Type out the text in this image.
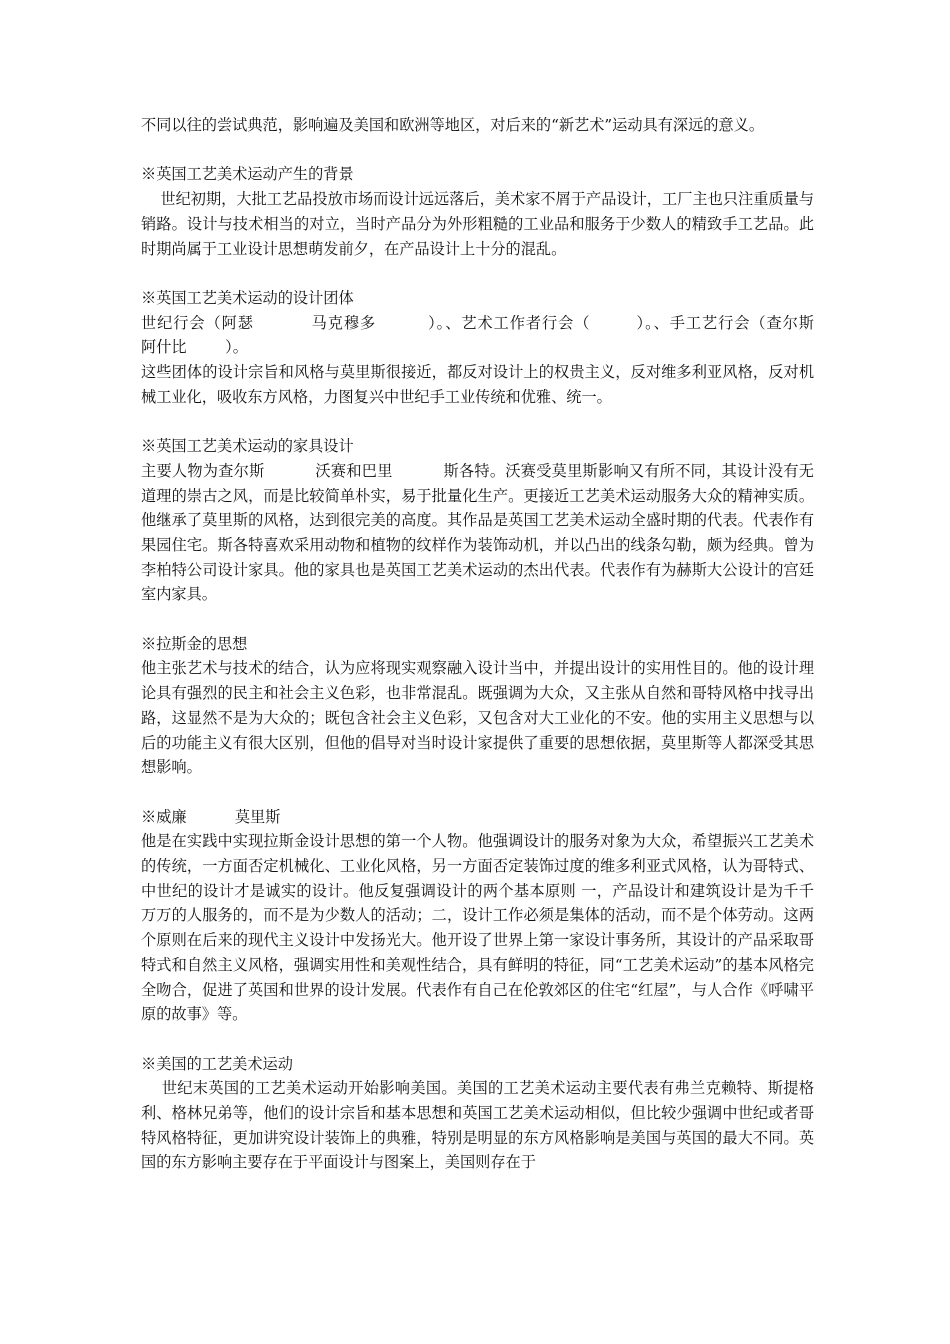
不同以往的尝试典范，影响遍及美国和欧洲等地区，对后来的“新艺术”运动具有深远的意义。

※英国工艺美术运动产生的背景

世纪初期，大批工艺品投放市场而设计远远落后，美术家不屑于产品设计，工厂主也只注重质量与销路。设计与技术相当的对立，当时产品分为外形粗糙的工业品和服务于少数人的精致手工艺品。此时期尚属于工业设计思想萌发前夕，在产品设计上十分的混乱。

※英国工艺美术运动的设计团体

世纪行会（阿瑟          马克穆多         ）。、艺术工作者行会（        ）。、手工艺行会（查尔斯          阿什比        ）。

这些团体的设计宗旨和风格与莫里斯很接近，都反对设计上的权贵主义，反对维多利亚风格，反对机械工业化，吸收东方风格，力图复兴中世纪手工业传统和优雅、统一。

※英国工艺美术运动的家具设计

主要人物为查尔斯          沃赛和巴里          斯各特。沃赛受莫里斯影响又有所不同，其设计没有无道理的崇古之风，而是比较简单朴实，易于批量化生产。更接近工艺美术运动服务大众的精神实质。他继承了莫里斯的风格，达到很完美的高度。其作品是英国工艺美术运动全盛时期的代表。代表作有果园住宅。斯各特喜欢采用动物和植物的纹样作为装饰动机，并以凸出的线条勾勒，颇为经典。曾为李柏特公司设计家具。他的家具也是英国工艺美术运动的杰出代表。代表作有为赫斯大公设计的宫廷室内家具。

※拉斯金的思想

他主张艺术与技术的结合，认为应将现实观察融入设计当中，并提出设计的实用性目的。他的设计理论具有强烈的民主和社会主义色彩，也非常混乱。既强调为大众，又主张从自然和哥特风格中找寻出路，这显然不是为大众的；既包含社会主义色彩，又包含对大工业化的不安。他的实用主义思想与以后的功能主义有很大区别，但他的倡导对当时设计家提供了重要的思想依据，莫里斯等人都深受其思想影响。

※威廉          莫里斯

他是在实践中实现拉斯金设计思想的第一个人物。他强调设计的服务对象为大众，希望振兴工艺美术的传统，一方面否定机械化、工业化风格，另一方面否定装饰过度的维多利亚式风格，认为哥特式、中世纪的设计才是诚实的设计。他反复强调设计的两个基本原则 一，产品设计和建筑设计是为千千万万的人服务的，而不是为少数人的活动；二，设计工作必须是集体的活动，而不是个体劳动。这两个原则在后来的现代主义设计中发扬光大。他开设了世界上第一家设计事务所，其设计的产品采取哥特式和自然主义风格，强调实用性和美观性结合，具有鲜明的特征，同“工艺美术运动”的基本风格完全吻合，促进了英国和世界的设计发展。代表作有自己在伦敦郊区的住宅“红屋”，与人合作《呼啸平原的故事》等。

※美国的工艺美术运动

世纪末英国的工艺美术运动开始影响美国。美国的工艺美术运动主要代表有弗兰克赖特、斯提格利、格林兄弟等，他们的设计宗旨和基本思想和英国工艺美术运动相似，但比较少强调中世纪或者哥特风格特征，更加讲究设计装饰上的典雅，特别是明显的东方风格影响是美国与英国的最大不同。英国的东方影响主要存在于平面设计与图案上，美国则存在于
